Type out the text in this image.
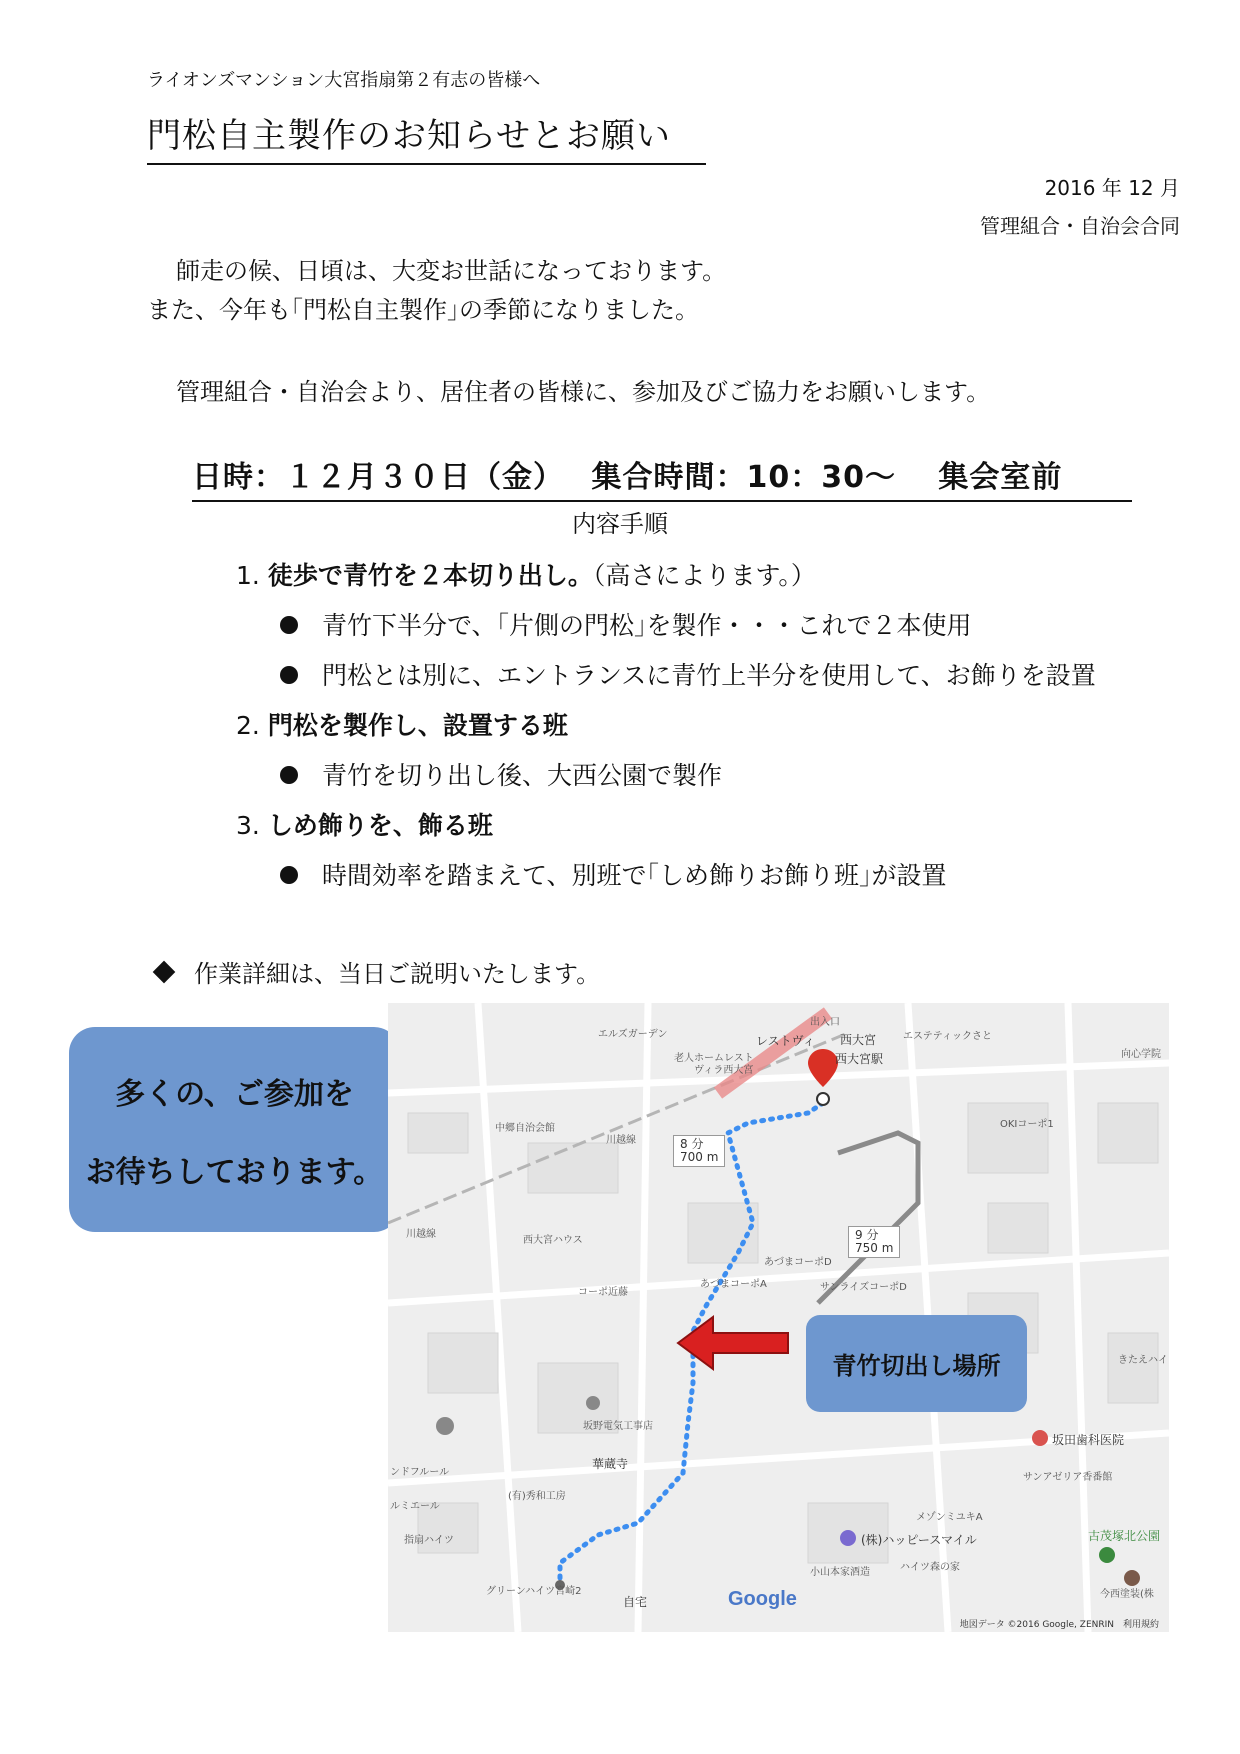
ライオンズマンション大宮指扇第２有志の皆様へ
門松自主製作のお知らせとお願い
2016 年 12 月
管理組合・自治会合同
師走の候、日頃は、大変お世話になっております。
また、今年も｢門松自主製作｣の季節になりました。
管理組合・自治会より、居住者の皆様に、参加及びご協力をお願いします。
日時：１２月３０日（金）　 集合時間：10：30～　 集会室前
内容手順
1. 徒歩で青竹を２本切り出し。（高さによります。）
青竹下半分で、｢片側の門松｣を製作・・・これで２本使用
門松とは別に、エントランスに青竹上半分を使用して、お飾りを設置
2. 門松を製作し、設置する班
青竹を切り出し後、大西公園で製作
3. しめ飾りを、飾る班
時間効率を踏まえて、別班で｢しめ飾りお飾り班｣が設置
作業詳細は、当日ご説明いたします。
多くの、ご参加を
お待ちしております。
出入口
西大宮
西大宮駅
レストヴィ	エステティックさと
エルズガーデン
老人ホームレスト
ヴィラ西大宮
中郷自治会館
川越線
川越線
OKIコーポ1
向心学院
西大宮ハウス
あづまコーポD
あづまコーポA	サンライズコーポD
コーポ近藤
坂野電気工事店
華蔵寺
(有)秀和工房
坂田歯科医院
サンアゼリア香番館
メゾンミユキA
(株)ハッピースマイル	古茂塚北公園
小山本家酒造	ハイツ森の家
今西塗装(株
グリーンハイツ宮崎2
自宅
きたえハイ
ンドフルール
ルミエール
指扇ハイツ
8 分
700 m
9 分
750 m
青竹切出し場所
Google
地図データ ©2016 Google, ZENRIN　利用規約
